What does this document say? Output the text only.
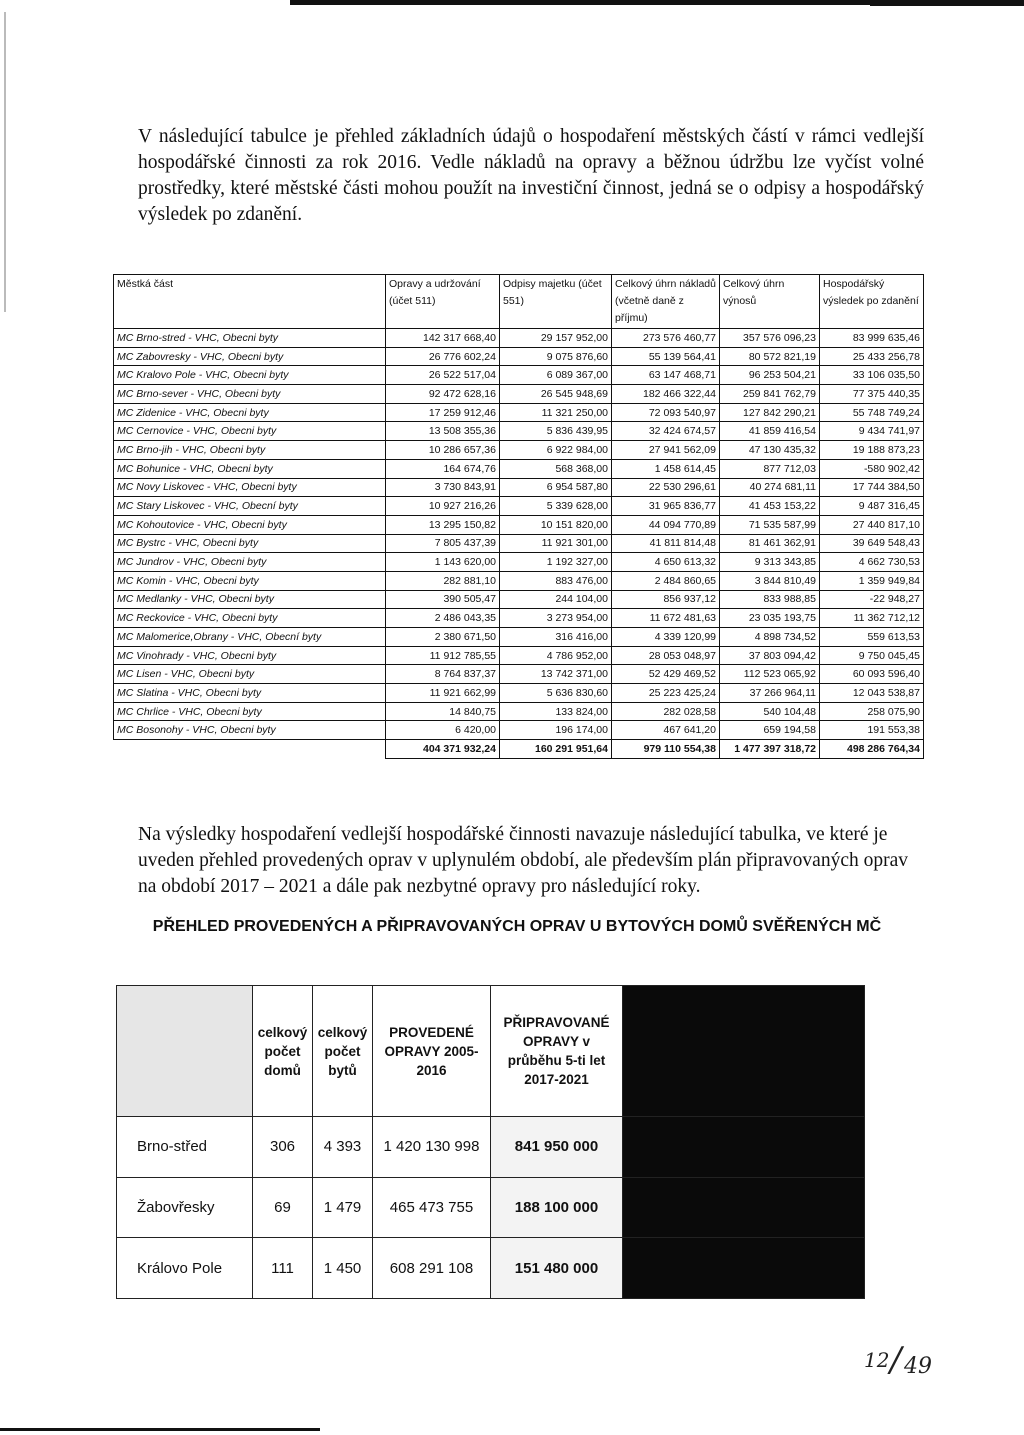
V následující tabulce je přehled základních údajů o hospodaření městských částí v rámci vedlejší hospodářské činnosti za rok 2016. Vedle nákladů na opravy a běžnou údržbu lze vyčíst volné prostředky, které městské části mohou použít na investiční činnost, jedná se o odpisy a hospodářský výsledek po zdanění.

Městká část	Opravy a udržování (účet 511)	Odpisy majetku (účet 551)	Celkový úhrn nákladů (včetně daně z příjmu)	Celkový úhrn výnosů	Hospodářský výsledek po zdanění
MC Brno-stred - VHC, Obecni byty	142 317 668,40	29 157 952,00	273 576 460,77	357 576 096,23	83 999 635,46
MC Zabovresky - VHC, Obecni byty	26 776 602,24	9 075 876,60	55 139 564,41	80 572 821,19	25 433 256,78
MC Kralovo Pole - VHC, Obecni byty	26 522 517,04	6 089 367,00	63 147 468,71	96 253 504,21	33 106 035,50
MC Brno-sever - VHC, Obecni byty	92 472 628,16	26 545 948,69	182 466 322,44	259 841 762,79	77 375 440,35
MC Zidenice - VHC, Obecni byty	17 259 912,46	11 321 250,00	72 093 540,97	127 842 290,21	55 748 749,24
MC Cernovice - VHC, Obecni byty	13 508 355,36	5 836 439,95	32 424 674,57	41 859 416,54	9 434 741,97
MC Brno-jih - VHC, Obecni byty	10 286 657,36	6 922 984,00	27 941 562,09	47 130 435,32	19 188 873,23
MC Bohunice - VHC, Obecni byty	164 674,76	568 368,00	1 458 614,45	877 712,03	-580 902,42
MC Novy Liskovec - VHC, Obecni byty	3 730 843,91	6 954 587,80	22 530 296,61	40 274 681,11	17 744 384,50
MC Stary Liskovec - VHC, Obecní byty	10 927 216,26	5 339 628,00	31 965 836,77	41 453 153,22	9 487 316,45
MC Kohoutovice - VHC, Obecni byty	13 295 150,82	10 151 820,00	44 094 770,89	71 535 587,99	27 440 817,10
MC Bystrc - VHC, Obecni byty	7 805 437,39	11 921 301,00	41 811 814,48	81 461 362,91	39 649 548,43
MC Jundrov - VHC, Obecni byty	1 143 620,00	1 192 327,00	4 650 613,32	9 313 343,85	4 662 730,53
MC Komin - VHC, Obecni byty	282 881,10	883 476,00	2 484 860,65	3 844 810,49	1 359 949,84
MC Medlanky - VHC, Obecni byty	390 505,47	244 104,00	856 937,12	833 988,85	-22 948,27
MC Reckovice - VHC, Obecni byty	2 486 043,35	3 273 954,00	11 672 481,63	23 035 193,75	11 362 712,12
MC Malomerice,Obrany - VHC, Obecní byty	2 380 671,50	316 416,00	4 339 120,99	4 898 734,52	559 613,53
MC Vinohrady - VHC, Obecni byty	11 912 785,55	4 786 952,00	28 053 048,97	37 803 094,42	9 750 045,45
MC Lisen - VHC, Obecni byty	8 764 837,37	13 742 371,00	52 429 469,52	112 523 065,92	60 093 596,40
MC Slatina - VHC, Obecni byty	11 921 662,99	5 636 830,60	25 223 425,24	37 266 964,11	12 043 538,87
MC Chrlice - VHC, Obecni byty	14 840,75	133 824,00	282 028,58	540 104,48	258 075,90
MC Bosonohy - VHC, Obecni byty	6 420,00	196 174,00	467 641,20	659 194,58	191 553,38
	404 371 932,24	160 291 951,64	979 110 554,38	1 477 397 318,72	498 286 764,34

Na výsledky hospodaření vedlejší hospodářské činnosti navazuje následující tabulka, ve které je uveden přehled provedených oprav v uplynulém období, ale především plán připravovaných oprav na období 2017 – 2021 a dále pak nezbytné opravy pro následující roky.

PŘEHLED PROVEDENÝCH A PŘIPRAVOVANÝCH OPRAV U BYTOVÝCH DOMŮ SVĚŘENÝCH MČ
	celkový počet domů	celkový počet bytů	PROVEDENÉ OPRAVY 2005-2016	PŘIPRAVOVANÉ OPRAVY v průběhu 5-ti let 2017-2021	
Brno-střed	306	4 393	1 420 130 998	841 950 000	
Žabovřesky	69	1 479	465 473 755	188 100 000	
Královo Pole	111	1 450	608 291 108	151 480 000	
12 / 49
